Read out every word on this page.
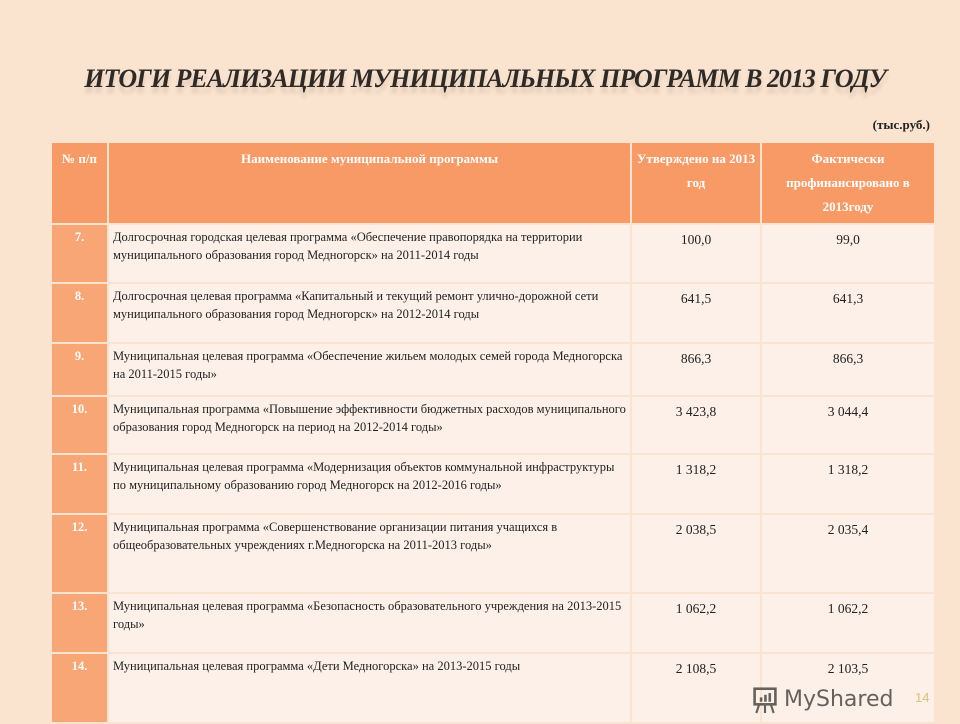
ИТОГИ РЕАЛИЗАЦИИ МУНИЦИПАЛЬНЫХ ПРОГРАММ В 2013 ГОДУ
(тыс.руб.)
№ п/п	Наименование муниципальной программы	Утверждено на 2013 год	Фактически профинансировано в 2013году
7.	Долгосрочная городская целевая программа «Обеспечение правопорядка на территории муниципального образования город Медногорск» на 2011-2014 годы	100,0	99,0
8.	Долгосрочная целевая программа «Капитальный и текущий ремонт улично-дорожной сети муниципального образования город Медногорск» на 2012-2014 годы	641,5	641,3
9.	Муниципальная целевая программа «Обеспечение жильем молодых семей города Медногорска на 2011-2015 годы»	866,3	866,3
10.	Муниципальная программа «Повышение эффективности бюджетных расходов муниципального образования город Медногорск на период на 2012-2014 годы»	3 423,8	3 044,4
11.	Муниципальная целевая программа «Модернизация объектов коммунальной инфраструктуры по муниципальному образованию город Медногорск на 2012-2016 годы»	1 318,2	1 318,2
12.	Муниципальная программа «Совершенствование организации питания учащихся в общеобразовательных учреждениях г.Медногорска на 2011-2013 годы»	2 038,5	2 035,4
13.	Муниципальная целевая программа «Безопасность образовательного учреждения на 2013-2015 годы»	1 062,2	1 062,2
14.	Муниципальная целевая программа «Дети Медногорска» на 2013-2015 годы	2 108,5	2 103,5
MyShared 14
